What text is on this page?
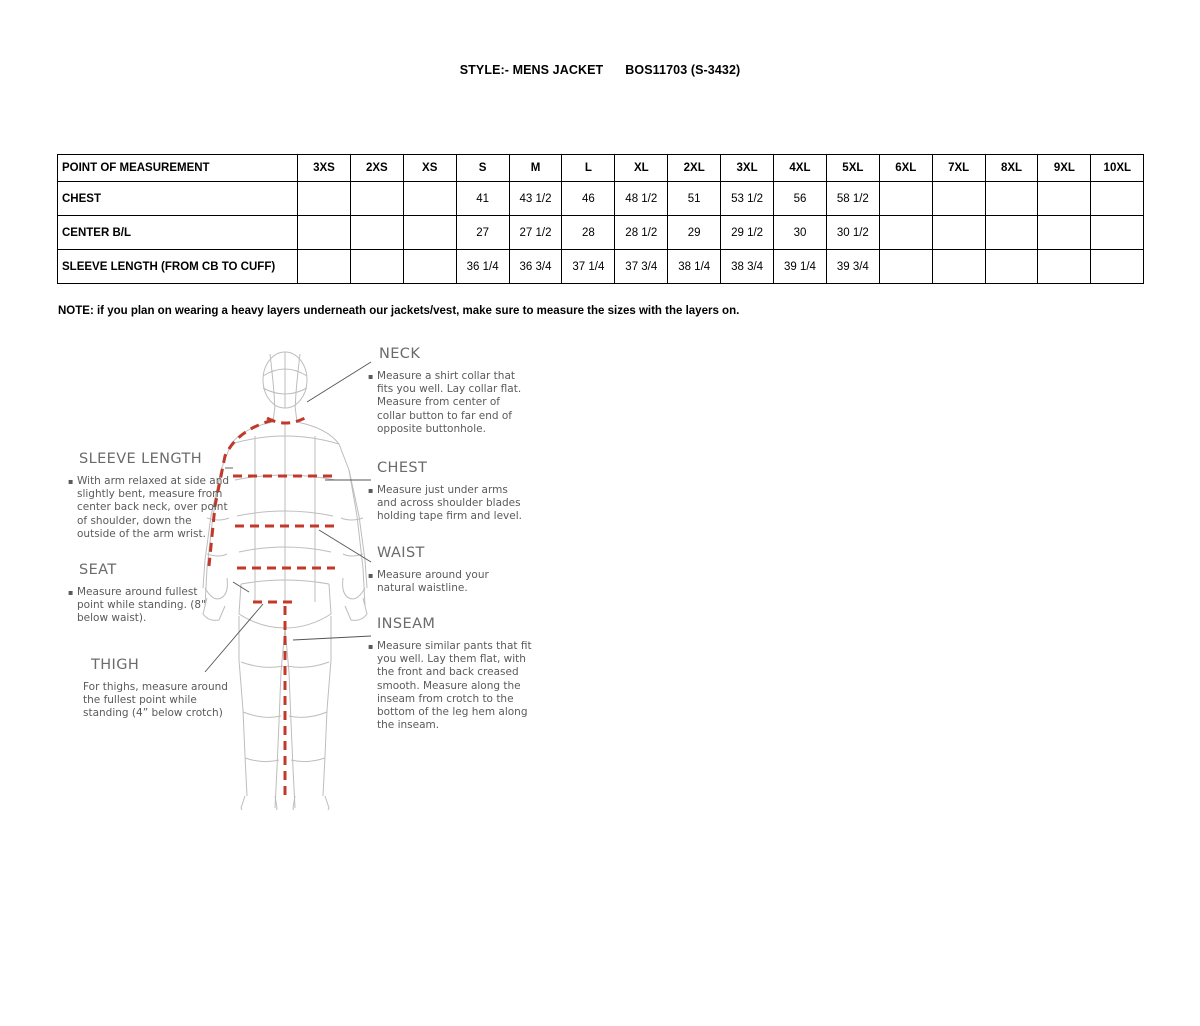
STYLE:- MENS JACKET BOS11703 (S-3432)
POINT OF MEASUREMENT	3XS	2XS	XS	S	M	L	XL	2XL	3XL	4XL	5XL	6XL	7XL	8XL	9XL	10XL
CHEST				41	43 1/2	46	48 1/2	51	53 1/2	56	58 1/2					
CENTER B/L				27	27 1/2	28	28 1/2	29	29 1/2	30	30 1/2					
SLEEVE LENGTH (FROM CB TO CUFF)				36 1/4	36 3/4	37 1/4	37 3/4	38 1/4	38 3/4	39 1/4	39 3/4					
NOTE: if you plan on wearing a heavy layers underneath our jackets/vest, make sure to measure the sizes with the layers on.
NECK
▪ Measure a shirt collar that fits you well. Lay collar flat. Measure from center of collar button to far end of opposite buttonhole.
CHEST
▪ Measure just under arms and across shoulder blades holding tape firm and level.
WAIST
▪ Measure around your natural waistline.
INSEAM
▪ Measure similar pants that fit you well. Lay them flat, with the front and back creased smooth. Measure along the inseam from crotch to the bottom of the leg hem along the inseam.
SLEEVE LENGTH
▪ With arm relaxed at side and slightly bent, measure from center back neck, over point of shoulder, down the outside of the arm wrist.
SEAT
▪ Measure around fullest point while standing. (8" below waist).
THIGH
For thighs, measure around the fullest point while standing (4” below crotch)
